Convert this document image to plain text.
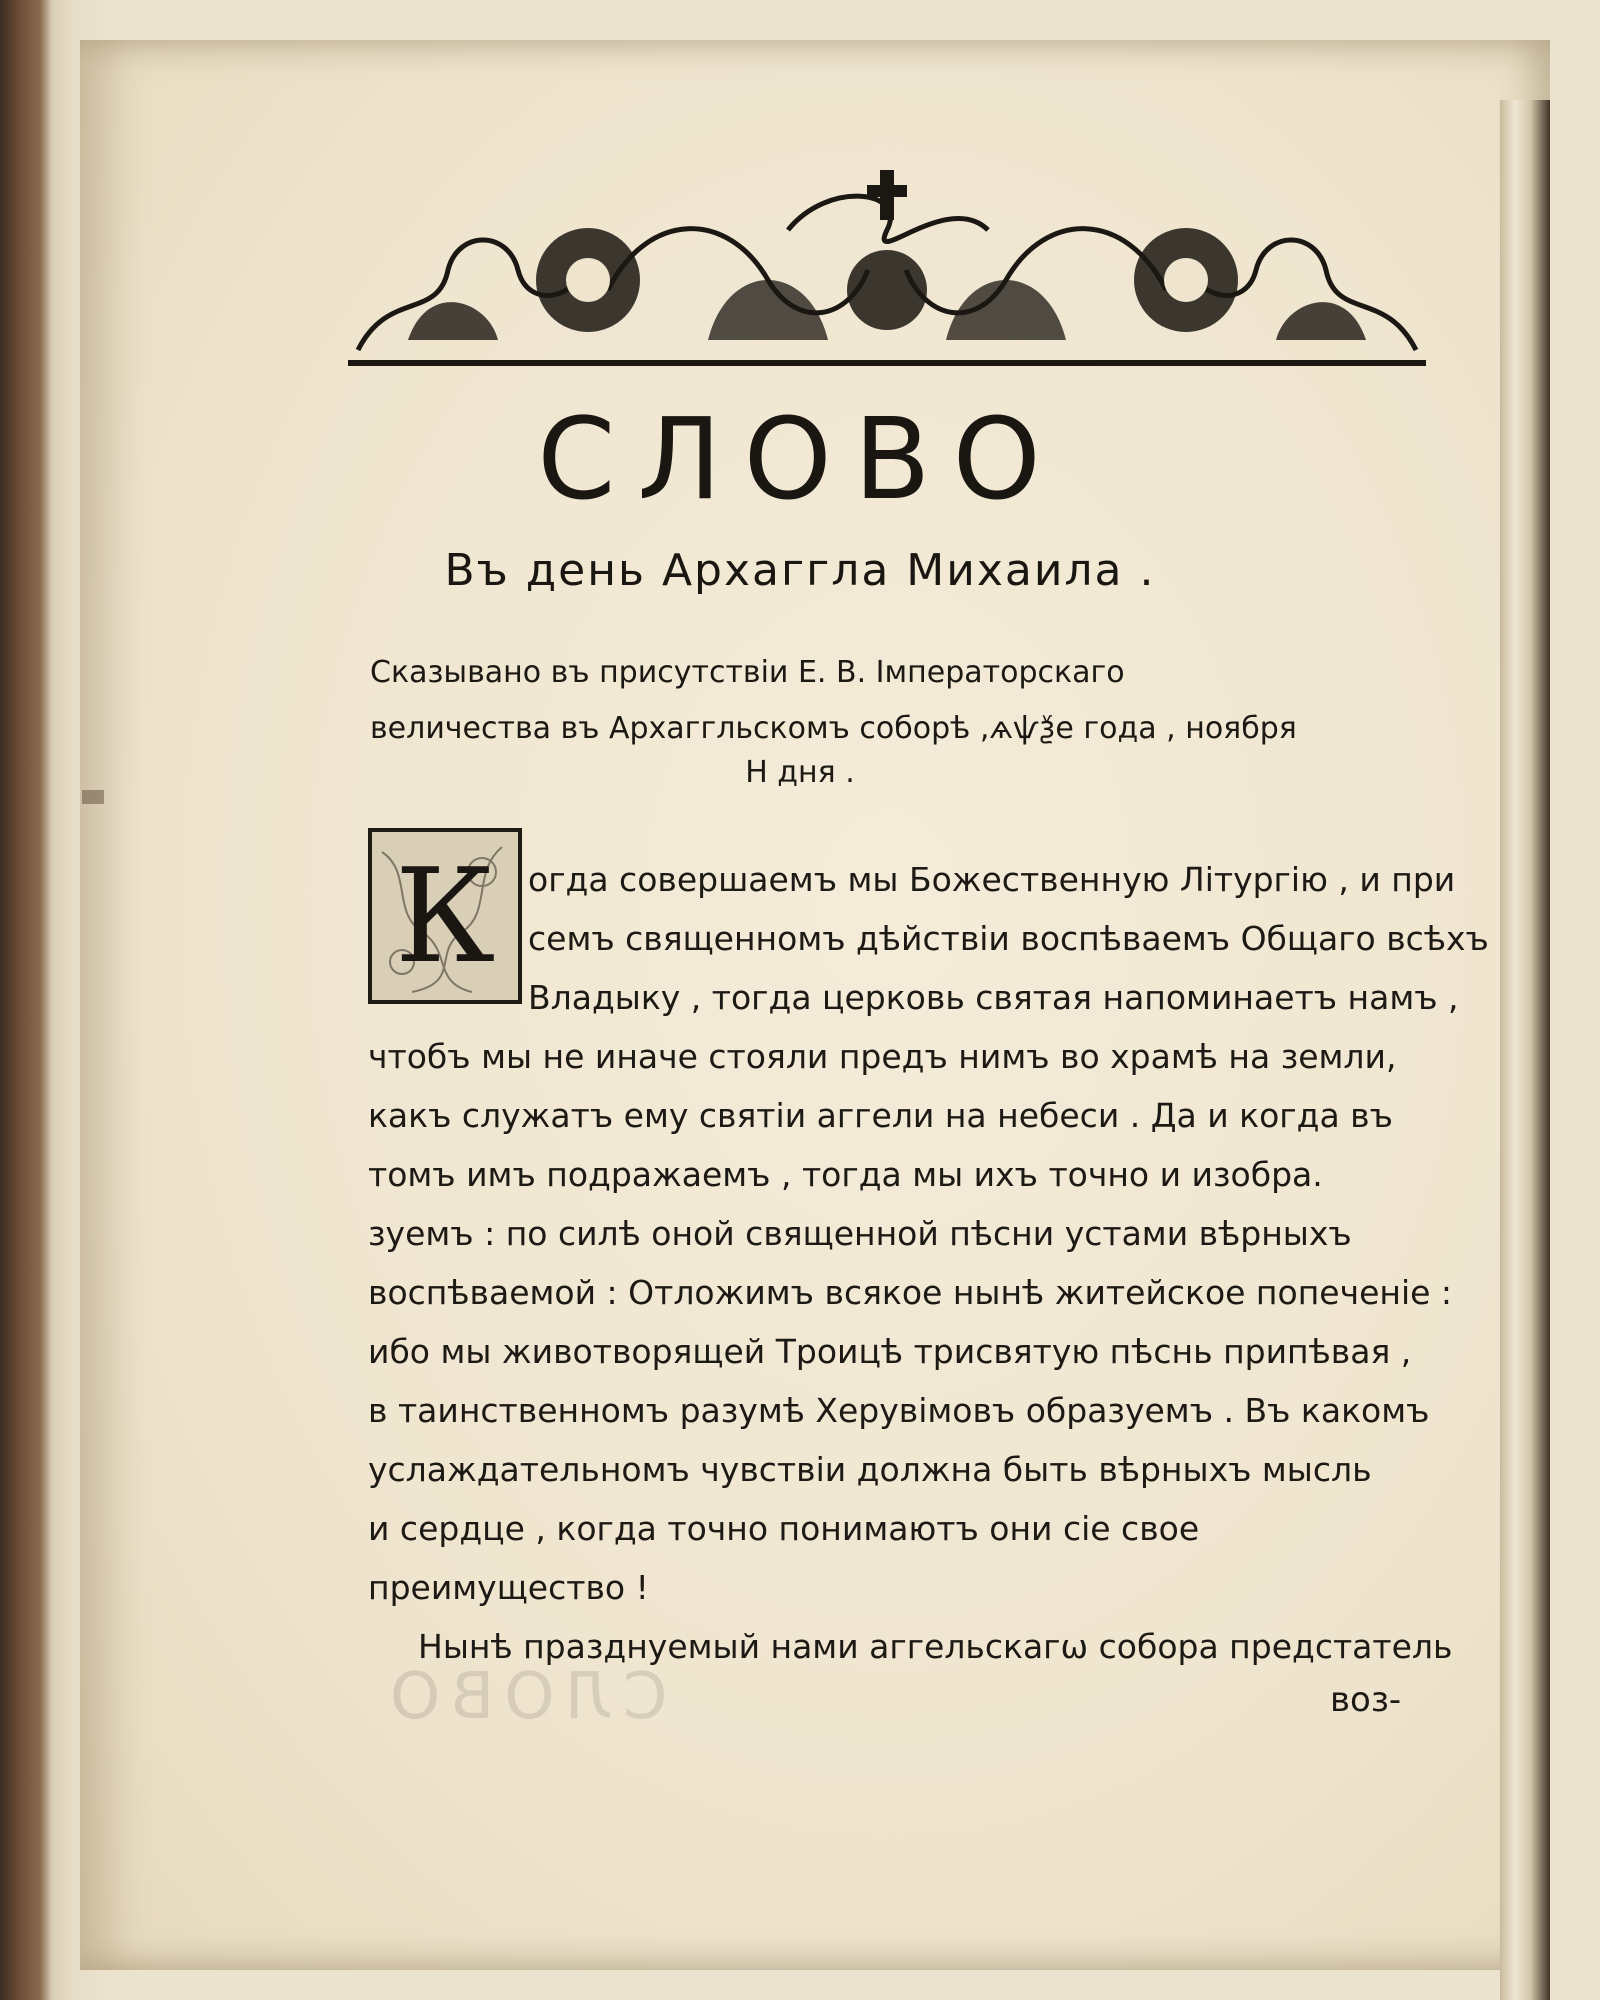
СЛОВО
Въ день Архаггла Михаила .
Сказывано въ присутствіи Е. В. Імператорскаго
величества въ Архаггльскомъ соборѣ ,ѧѱѯе года , ноября
Н дня .
К огда совершаемъ мы Божественную Літургію , и при
семъ священномъ дѣйствіи воспѣваемъ Общаго всѣхъ
Владыку , тогда церковь святая напоминаетъ намъ ,
чтобъ мы не иначе стояли предъ нимъ во храмѣ на земли,
какъ служатъ ему святіи аггели на небеси . Да и когда въ
томъ имъ подражаемъ , тогда мы ихъ точно и изобра.
зуемъ : по силѣ оной священной пѣсни устами вѣрныхъ
воспѣваемой : Отложимъ всякое нынѣ житейское попеченіе :
ибо мы животворящей Троицѣ трисвятую пѣснь припѣвая ,
в таинственномъ разумѣ Херувімовъ образуемъ . Въ какомъ
услаждательномъ чувствіи должна быть вѣрныхъ мысль
и сердце , когда точно понимаютъ они сіе свое
преимущество !
Нынѣ празднуемый нами аггельскагω собора предстатель
СЛОВО	воз-
